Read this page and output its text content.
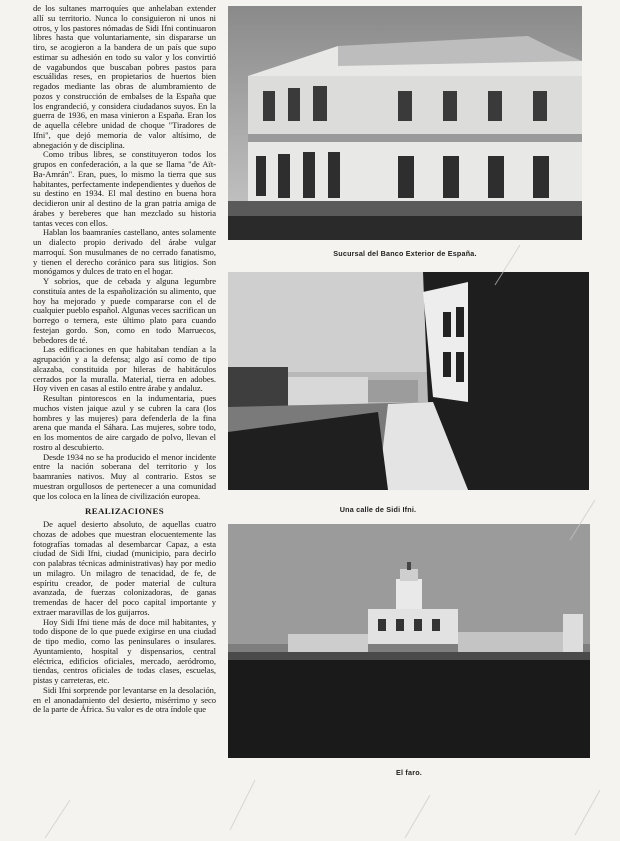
de los sultanes marroquíes que anhelaban extender allí su territorio. Nunca lo consiguieron ni unos ni otros, y los pastores nómadas de Sidi Ifni continuaron libres hasta que voluntariamente, sin dispararse un tiro, se acogieron a la bandera de un país que supo estimar su adhesión en todo su valor y los convirtió de vagabundos que buscaban pobres pastos para escuálidas reses, en propietarios de huertos bien regados mediante las obras de alumbramiento de pozos y construcción de embalses de la España que los engrandeció, y considera ciudadanos suyos. En la guerra de 1936, en masa vinieron a España. Eran los de aquella célebre unidad de choque "Tiradores de Ifni", que dejó memoria de valor altísimo, de abnegación y de disciplina.

Como tribus libres, se constituyeron todos los grupos en confederación, a la que se llama "de Aït-Ba-Amrán". Eran, pues, lo mismo la tierra que sus habitantes, perfectamente independientes y dueños de su destino en 1934. El mal destino en buena hora decidieron unir al destino de la gran patria amiga de árabes y bereberes que han mezclado su historia tantas veces con ellos.

Hablan los baamraníes castellano, antes solamente un dialecto propio derivado del árabe vulgar marroquí. Son musulmanes de no cerrado fanatismo, y tienen el derecho coránico para sus litigios. Son monógamos y dulces de trato en el hogar.

Y sobrios, que de cebada y alguna legumbre constituía antes de la españolización su alimento, que hoy ha mejorado y puede compararse con el de cualquier pueblo español. Algunas veces sacrifican un borrego o ternera, este último plato para cuando festejan gordo. Son, como en todo Marruecos, bebedores de té.

Las edificaciones en que habitaban tendían a la agrupación y a la defensa; algo así como de tipo alcazaba, constituida por hileras de habitáculos cerrados por la muralla. Material, tierra en adobes. Hoy viven en casas al estilo entre árabe y andaluz.

Resultan pintorescos en la indumentaria, pues muchos visten jaique azul y se cubren la cara (los hombres y las mujeres) para defenderla de la fina arena que manda el Sáhara. Las mujeres, sobre todo, en los momentos de aire cargado de polvo, llevan el rostro al descubierto.

Desde 1934 no se ha producido el menor incidente entre la nación soberana del territorio y los baamraníes nativos. Muy al contrario. Estos se muestran orgullosos de pertenecer a una comunidad que los coloca en la línea de civilización europea.

REALIZACIONES

De aquel desierto absoluto, de aquellas cuatro chozas de adobes que muestran elocuentemente las fotografías tomadas al desembarcar Capaz, a esta ciudad de Sidi Ifni, ciudad (municipio, para decirlo con palabras técnicas administrativas) hay por medio un milagro. Un milagro de tenacidad, de fe, de espíritu creador, de poder material de cultura avanzada, de fuerzas colonizadoras, de ganas tremendas de hacer del poco capital importante y extraer maravillas de los guijarros.

Hoy Sidi Ifni tiene más de doce mil habitantes, y todo dispone de lo que puede exigirse en una ciudad de tipo medio, como las peninsulares o insulares. Ayuntamiento, hospital y dispensarios, central eléctrica, edificios oficiales, mercado, aeródromo, tiendas, centros oficiales de todas clases, escuelas, pistas y carreteras, etc.

Sidi Ifni sorprende por levantarse en la desolación, en el anonadamiento del desierto, misérrimo y seco de la parte de África. Su valor es de otra índole que

Sucursal del Banco Exterior de España.
Una calle de Sidi Ifni.
El faro.
